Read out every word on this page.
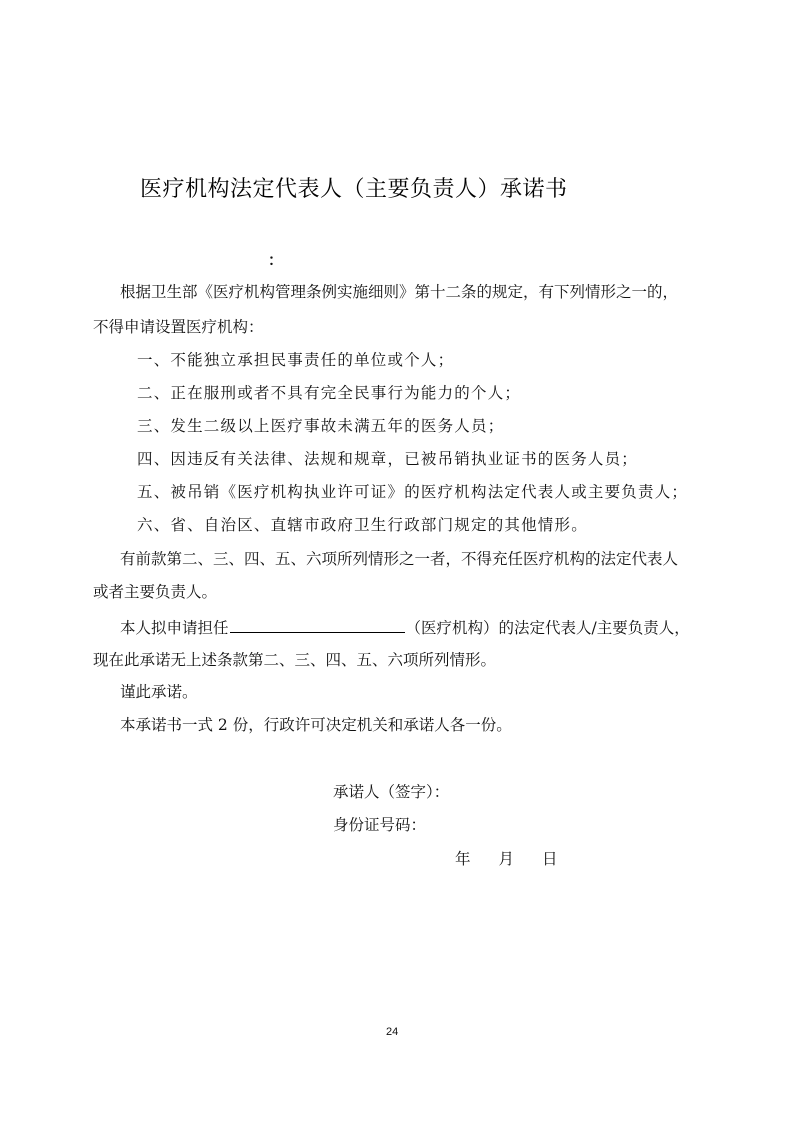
医疗机构法定代表人（主要负责人）承诺书
：
根据卫生部《医疗机构管理条例实施细则》第十二条的规定，有下列情形之一的，
不得申请设置医疗机构：
一、不能独立承担民事责任的单位或个人；
二、正在服刑或者不具有完全民事行为能力的个人；
三、发生二级以上医疗事故未满五年的医务人员；
四、因违反有关法律、法规和规章，已被吊销执业证书的医务人员；
五、被吊销《医疗机构执业许可证》的医疗机构法定代表人或主要负责人；
六、省、自治区、直辖市政府卫生行政部门规定的其他情形。
有前款第二、三、四、五、六项所列情形之一者，不得充任医疗机构的法定代表人
或者主要负责人。
本人拟申请担任	（医疗机构）的法定代表人/主要负责人，
现在此承诺无上述条款第二、三、四、五、六项所列情形。
谨此承诺。
本承诺书一式 2 份，行政许可决定机关和承诺人各一份。
承诺人（签字）：
身份证号码：
年 月 日
24
